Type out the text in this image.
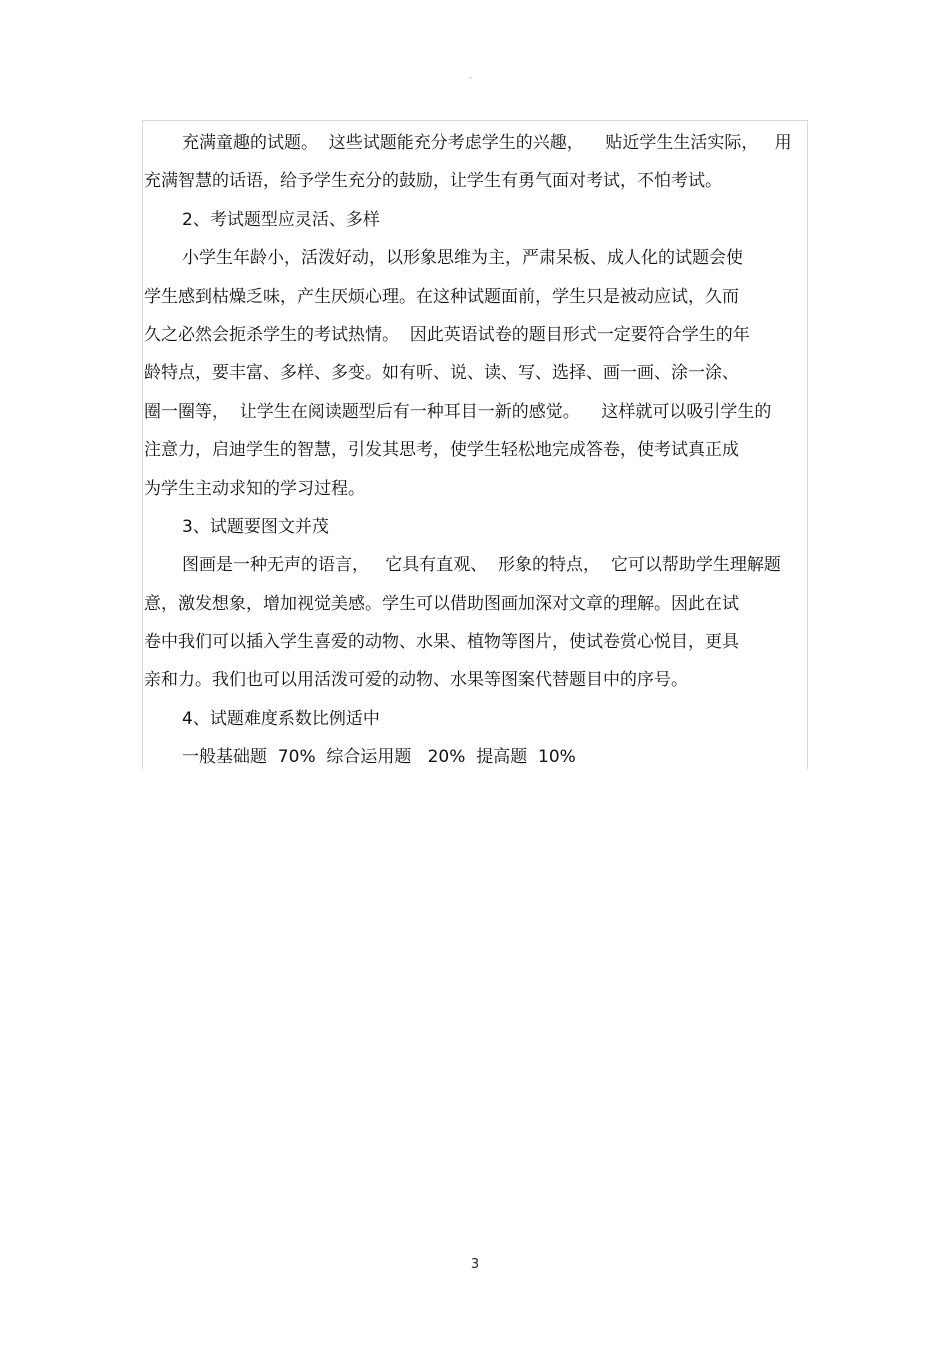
。
充满童趣的试题。  这些试题能充分考虑学生的兴趣，    贴近学生生活实际，   用
充满智慧的话语，给予学生充分的鼓励，让学生有勇气面对考试，不怕考试。
2、考试题型应灵活、多样
小学生年龄小，活泼好动，以形象思维为主，严肃呆板、成人化的试题会使
学生感到枯燥乏味，产生厌烦心理。在这种试题面前，学生只是被动应试，久而
久之必然会扼杀学生的考试热情。  因此英语试卷的题目形式一定要符合学生的年
龄特点，要丰富、多样、多变。如有听、说、读、写、选择、画一画、涂一涂、
圈一圈等，  让学生在阅读题型后有一种耳目一新的感觉。    这样就可以吸引学生的
注意力，启迪学生的智慧，引发其思考，使学生轻松地完成答卷，使考试真正成
为学生主动求知的学习过程。
3、试题要图文并茂
图画是一种无声的语言，   它具有直观、  形象的特点，  它可以帮助学生理解题
意，激发想象，增加视觉美感。学生可以借助图画加深对文章的理解。因此在试
卷中我们可以插入学生喜爱的动物、水果、植物等图片，使试卷赏心悦目，更具
亲和力。我们也可以用活泼可爱的动物、水果等图案代替题目中的序号。
4、试题难度系数比例适中
一般基础题  70%  综合运用题   20%  提高题  10%
3
